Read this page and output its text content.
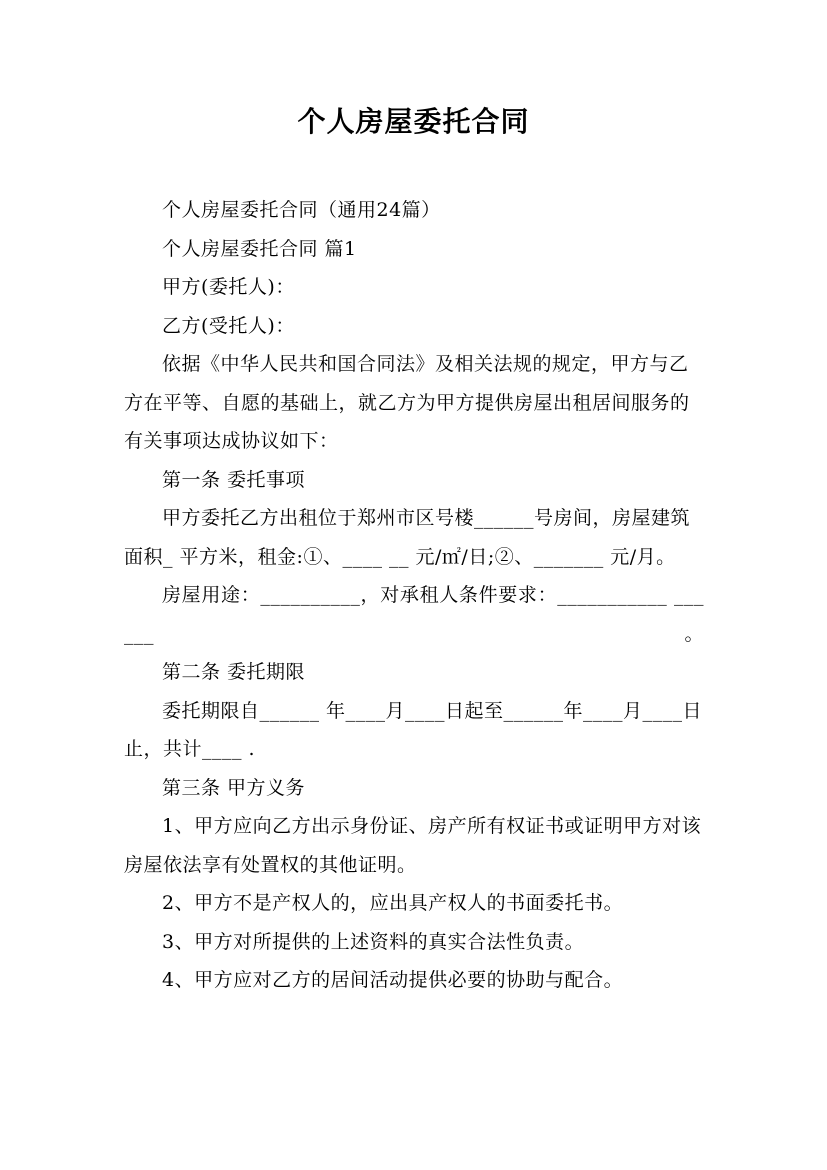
个人房屋委托合同

个人房屋委托合同（通用24篇）

个人房屋委托合同 篇1

甲方(委托人)：

乙方(受托人)：

依据《中华人民共和国合同法》及相关法规的规定，甲方与乙方在平等、自愿的基础上，就乙方为甲方提供房屋出租居间服务的有关事项达成协议如下：

第一条 委托事项

甲方委托乙方出租位于郑州市区号楼______号房间，房屋建筑面积_ 平方米，租金:①、____ __ 元/㎡/日;②、_______ 元/月。

房屋用途：__________，对承租人条件要求：___________ ______。

第二条 委托期限

委托期限自______ 年____月____日起至______年____月____日止，共计____ .

第三条 甲方义务

1、甲方应向乙方出示身份证、房产所有权证书或证明甲方对该房屋依法享有处置权的其他证明。

2、甲方不是产权人的，应出具产权人的书面委托书。

3、甲方对所提供的上述资料的真实合法性负责。

4、甲方应对乙方的居间活动提供必要的协助与配合。
